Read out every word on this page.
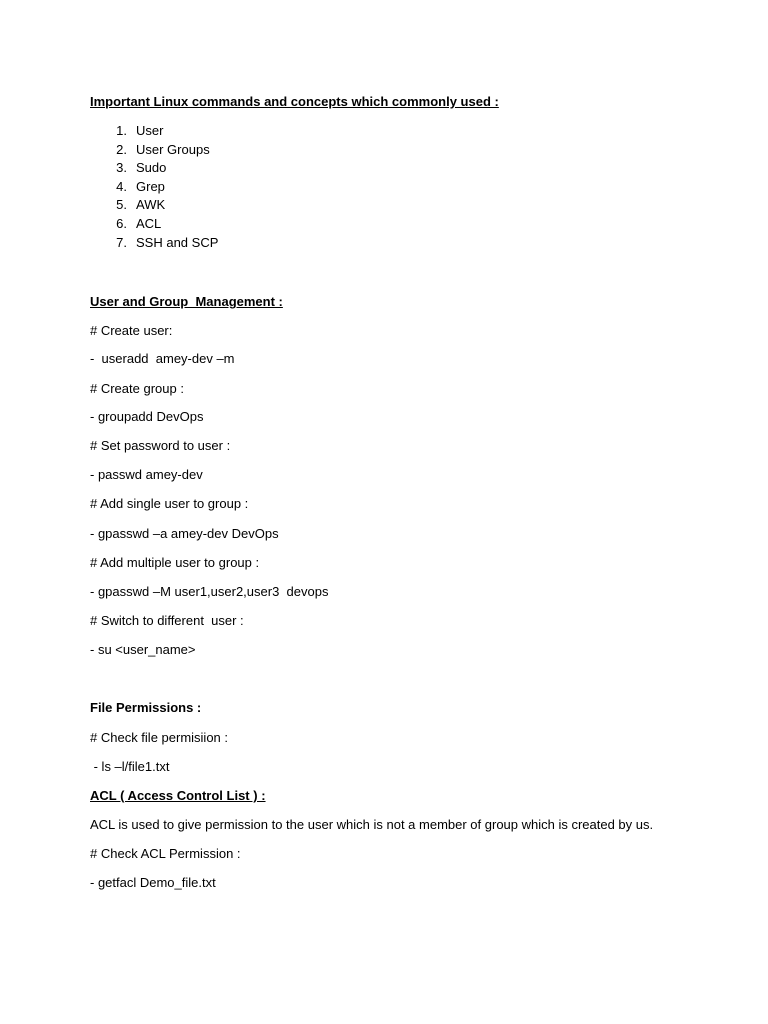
Important Linux commands and concepts which commonly used :
1. User
2. User Groups
3. Sudo
4. Grep
5. AWK
6. ACL
7. SSH and SCP
User and Group  Management :
# Create user:
-  useradd  amey-dev –m
# Create group :
- groupadd DevOps
# Set password to user :
- passwd amey-dev
# Add single user to group :
- gpasswd –a amey-dev DevOps
# Add multiple user to group :
- gpasswd –M user1,user2,user3  devops
# Switch to different  user :
- su <user_name>
File Permissions :
# Check file permisiion :
- ls –l/file1.txt
ACL ( Access Control List ) :
ACL is used to give permission to the user which is not a member of group which is created by us.
# Check ACL Permission :
- getfacl Demo_file.txt
